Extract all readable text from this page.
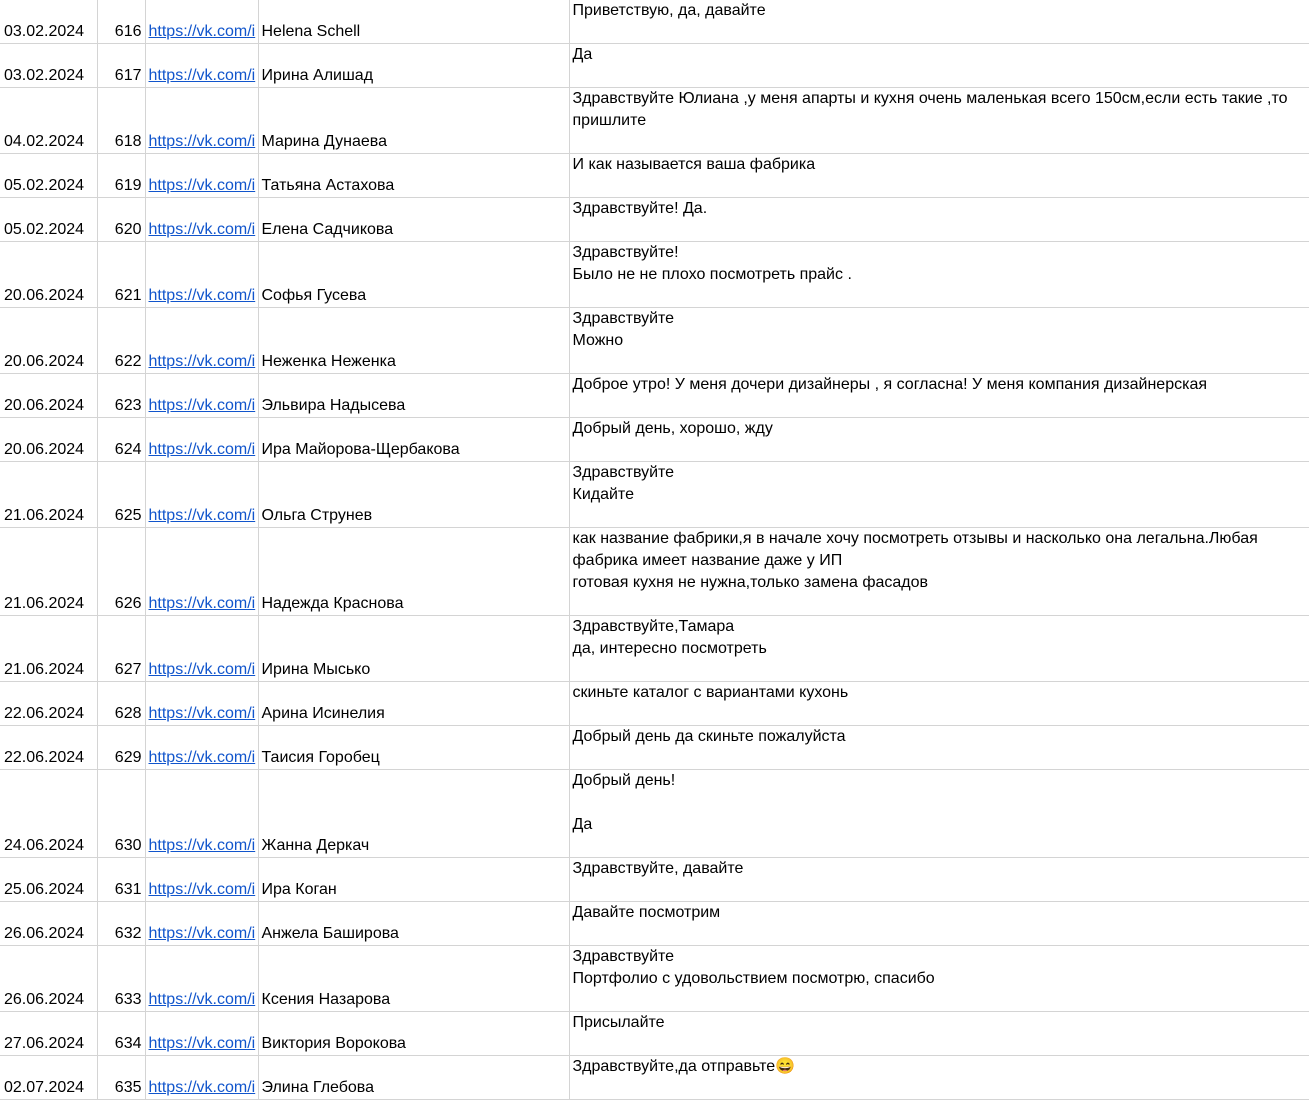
03.02.2024	616	https://vk.com/i	Helena Schell	Приветствую, да, давайте
03.02.2024	617	https://vk.com/i	Ирина Алишад	Да
04.02.2024	618	https://vk.com/i	Марина Дунаева	Здравствуйте Юлиана ,у меня апарты и кухня очень маленькая всего 150см,если есть такие ,то пришлите
05.02.2024	619	https://vk.com/i	Татьяна Астахова	И как называется ваша фабрика
05.02.2024	620	https://vk.com/i	Елена Садчикова	Здравствуйте! Да.
20.06.2024	621	https://vk.com/i	Софья Гусева	Здравствуйте!
Было не не плохо посмотреть прайс .
20.06.2024	622	https://vk.com/i	Неженка Неженка	Здравствуйте
Можно
20.06.2024	623	https://vk.com/i	Эльвира Надысева	Доброе утро! У меня дочери дизайнеры , я согласна! У меня компания дизайнерская
20.06.2024	624	https://vk.com/i	Ира Майорова-Щербакова	Добрый день, хорошо, жду
21.06.2024	625	https://vk.com/i	Ольга Струнев	Здравствуйте
Кидайте
21.06.2024	626	https://vk.com/i	Надежда Краснова	как название фабрики,я в начале хочу посмотреть отзывы и насколько она легальна.Любая фабрика имеет название даже у ИП
готовая кухня не нужна,только замена фасадов
21.06.2024	627	https://vk.com/i	Ирина Мысько	Здравствуйте,Тамара
да, интересно посмотреть
22.06.2024	628	https://vk.com/i	Арина Исинелия	скиньте каталог с вариантами кухонь
22.06.2024	629	https://vk.com/i	Таисия Горобец	Добрый день да скиньте пожалуйста
24.06.2024	630	https://vk.com/i	Жанна Деркач	Добрый день!

Да
25.06.2024	631	https://vk.com/i	Ира Коган	Здравствуйте, давайте
26.06.2024	632	https://vk.com/i	Анжела Баширова	Давайте посмотрим
26.06.2024	633	https://vk.com/i	Ксения Назарова	Здравствуйте
Портфолио с удовольствием посмотрю, спасибо
27.06.2024	634	https://vk.com/i	Виктория Ворокова	Присылайте
02.07.2024	635	https://vk.com/i	Элина Глебова	Здравствуйте,да отправьте😄
